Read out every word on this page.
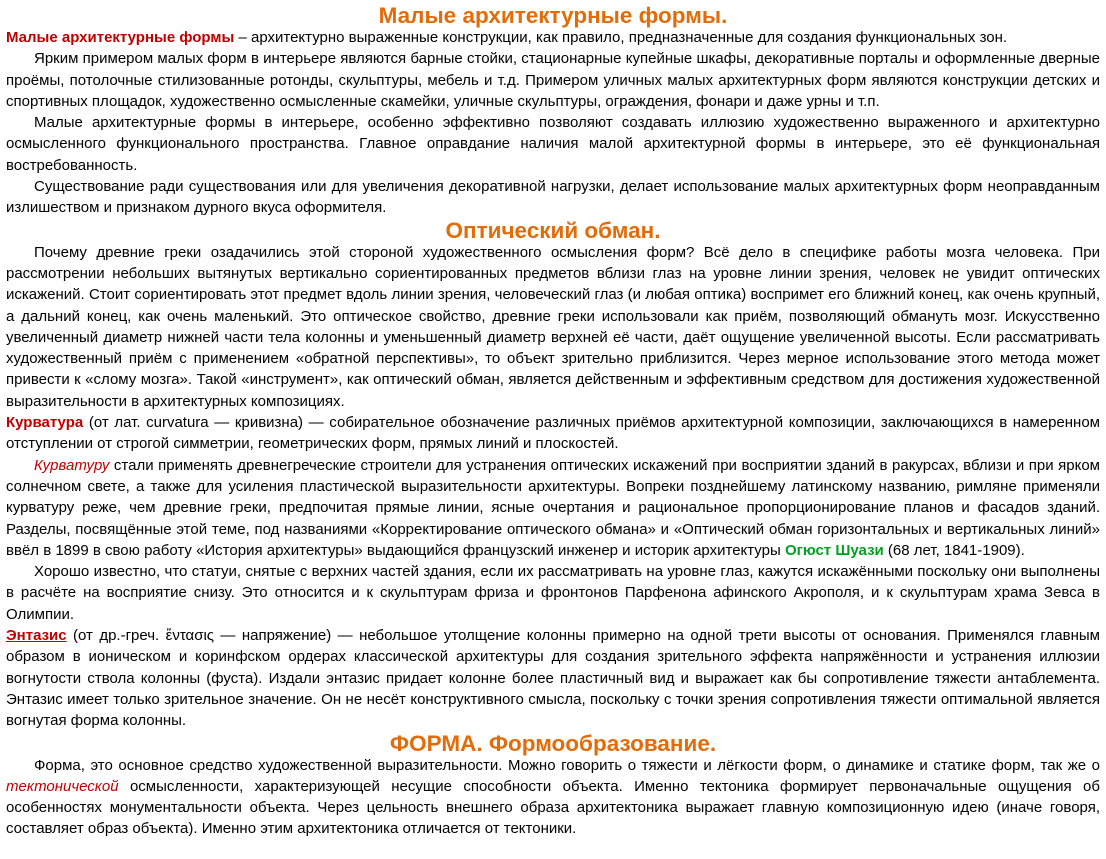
Малые архитектурные формы.

Малые архитектурные формы – архитектурно выраженные конструкции, как правило, предназначенные для создания функциональных зон.

Ярким примером малых форм в интерьере являются барные стойки, стационарные купейные шкафы, декоративные порталы и оформленные дверные проёмы, потолочные стилизованные ротонды, скульптуры, мебель и т.д. Примером уличных малых архитектурных форм являются конструкции детских и спортивных площадок, художественно осмысленные скамейки, уличные скульптуры, ограждения, фонари и даже урны и т.п.

Малые архитектурные формы в интерьере, особенно эффективно позволяют создавать иллюзию художественно выраженного и архитектурно осмысленного функционального пространства. Главное оправдание наличия малой архитектурной формы в интерьере, это её функциональная востребованность.

Существование ради существования или для увеличения декоративной нагрузки, делает использование малых архитектурных форм неоправданным излишеством и признаком дурного вкуса оформителя.

Оптический обман.

Почему древние греки озадачились этой стороной художественного осмысления форм? Всё дело в специфике работы мозга человека. При рассмотрении небольших вытянутых вертикально сориентированных предметов вблизи глаз на уровне линии зрения, человек не увидит оптических искажений. Стоит сориентировать этот предмет вдоль линии зрения, человеческий глаз (и любая оптика) воспримет его ближний конец, как очень крупный, а дальний конец, как очень маленький. Это оптическое свойство, древние греки использовали как приём, позволяющий обмануть мозг. Искусственно увеличенный диаметр нижней части тела колонны и уменьшенный диаметр верхней её части, даёт ощущение увеличенной высоты. Если рассматривать художественный приём с применением «обратной перспективы», то объект зрительно приблизится. Через мерное использование этого метода может привести к «слому мозга». Такой «инструмент», как оптический обман, является действенным и эффективным средством для достижения художественной выразительности в архитектурных композициях.

Курватура (от лат. curvatura — кривизна) — собирательное обозначение различных приёмов архитектурной композиции, заключающихся в намеренном отступлении от строгой симметрии, геометрических форм, прямых линий и плоскостей.

Курватуру стали применять древнегреческие строители для устранения оптических искажений при восприятии зданий в ракурсах, вблизи и при ярком солнечном свете, а также для усиления пластической выразительности архитектуры. Вопреки позднейшему латинскому названию, римляне применяли курватуру реже, чем древние греки, предпочитая прямые линии, ясные очертания и рациональное пропорционирование планов и фасадов зданий. Разделы, посвящённые этой теме, под названиями «Корректирование оптического обмана» и «Оптический обман горизонтальных и вертикальных линий» ввёл в 1899 в свою работу «История архитектуры» выдающийся французский инженер и историк архитектуры Огюст Шуази (68 лет, 1841-1909).

Хорошо известно, что статуи, снятые с верхних частей здания, если их рассматривать на уровне глаз, кажутся искажёнными поскольку они выполнены в расчёте на восприятие снизу. Это относится и к скульптурам фриза и фронтонов Парфенона афинского Акрополя, и к скульптурам храма Зевса в Олимпии.

Энтазис (от др.-греч. ἔντασις — напряжение) — небольшое утолщение колонны примерно на одной трети высоты от основания. Применялся главным образом в ионическом и коринфском ордерах классической архитектуры для создания зрительного эффекта напряжённости и устранения иллюзии вогнутости ствола колонны (фуста). Издали энтазис придает колонне более пластичный вид и выражает как бы сопротивление тяжести антаблемента. Энтазис имеет только зрительное значение. Он не несёт конструктивного смысла, поскольку с точки зрения сопротивления тяжести оптимальной является вогнутая форма колонны.

ФОРМА. Формообразование.

Форма, это основное средство художественной выразительности. Можно говорить о тяжести и лёгкости форм, о динамике и статике форм, так же о тектонической осмысленности, характеризующей несущие способности объекта. Именно тектоника формирует первоначальные ощущения об особенностях монументальности объекта. Через цельность внешнего образа архитектоника выражает главную композиционную идею (иначе говоря, составляет образ объекта). Именно этим архитектоника отличается от тектоники.
